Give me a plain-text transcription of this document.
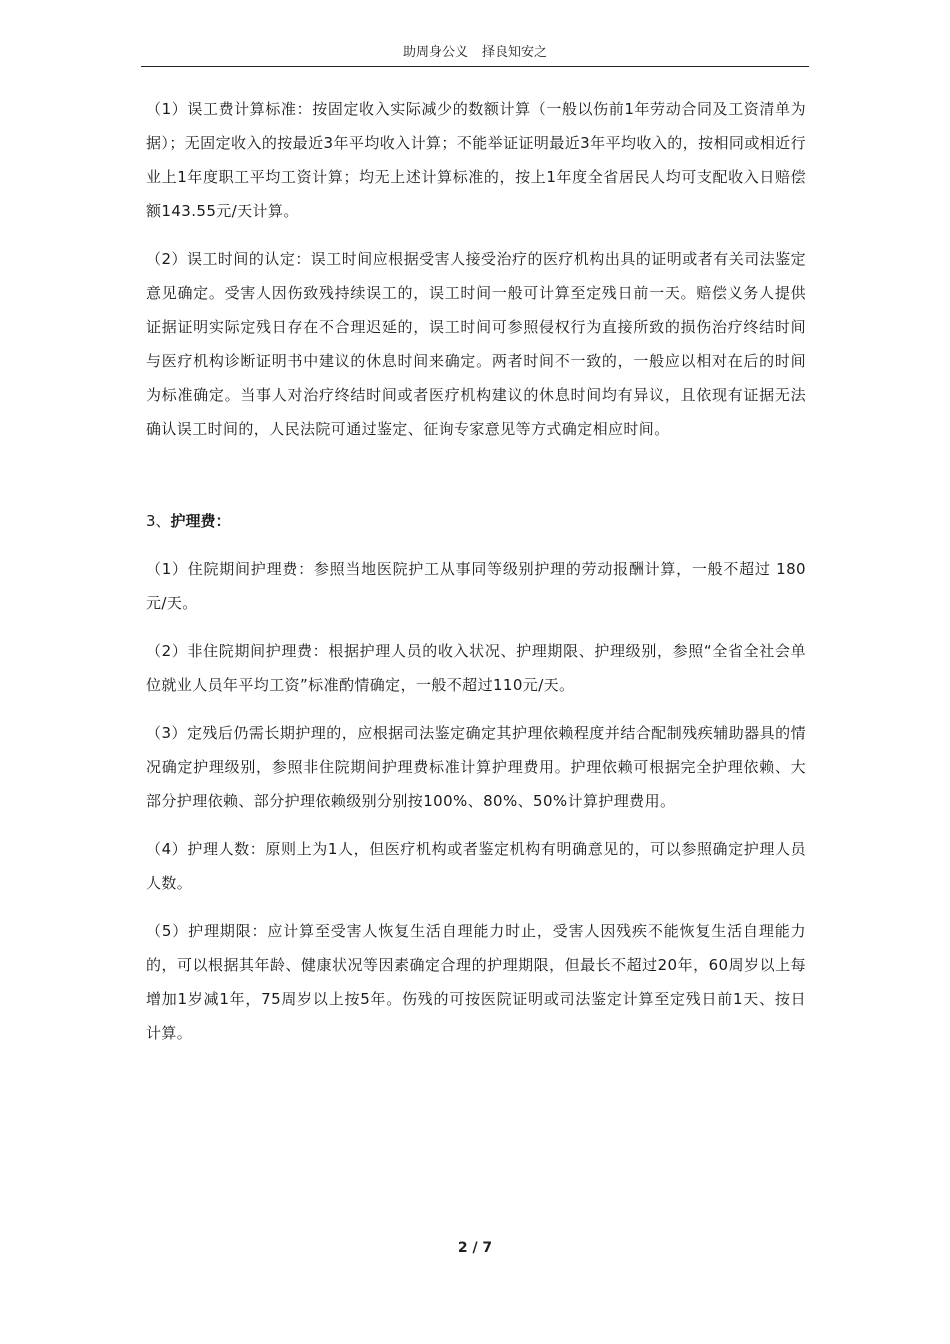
助周身公义 择良知安之

（1）误工费计算标准：按固定收入实际减少的数额计算（一般以伤前1年劳动合同及工资清单为据）；无固定收入的按最近3年平均收入计算；不能举证证明最近3年平均收入的，按相同或相近行业上1年度职工平均工资计算；均无上述计算标准的，按上1年度全省居民人均可支配收入日赔偿额143.55元/天计算。

（2）误工时间的认定：误工时间应根据受害人接受治疗的医疗机构出具的证明或者有关司法鉴定意见确定。受害人因伤致残持续误工的，误工时间一般可计算至定残日前一天。赔偿义务人提供证据证明实际定残日存在不合理迟延的，误工时间可参照侵权行为直接所致的损伤治疗终结时间与医疗机构诊断证明书中建议的休息时间来确定。两者时间不一致的，一般应以相对在后的时间为标准确定。当事人对治疗终结时间或者医疗机构建议的休息时间均有异议，且依现有证据无法确认误工时间的，人民法院可通过鉴定、征询专家意见等方式确定相应时间。

3、护理费：

（1）住院期间护理费：参照当地医院护工从事同等级别护理的劳动报酬计算，一般不超过 180元/天。

（2）非住院期间护理费：根据护理人员的收入状况、护理期限、护理级别，参照“全省全社会单位就业人员年平均工资”标准酌情确定，一般不超过110元/天。

（3）定残后仍需长期护理的，应根据司法鉴定确定其护理依赖程度并结合配制残疾辅助器具的情况确定护理级别，参照非住院期间护理费标准计算护理费用。护理依赖可根据完全护理依赖、大部分护理依赖、部分护理依赖级别分别按100%、80%、50%计算护理费用。

（4）护理人数：原则上为1人，但医疗机构或者鉴定机构有明确意见的，可以参照确定护理人员人数。

（5）护理期限：应计算至受害人恢复生活自理能力时止，受害人因残疾不能恢复生活自理能力的，可以根据其年龄、健康状况等因素确定合理的护理期限，但最长不超过20年，60周岁以上每增加1岁减1年，75周岁以上按5年。伤残的可按医院证明或司法鉴定计算至定残日前1天、按日计算。

2 / 7
